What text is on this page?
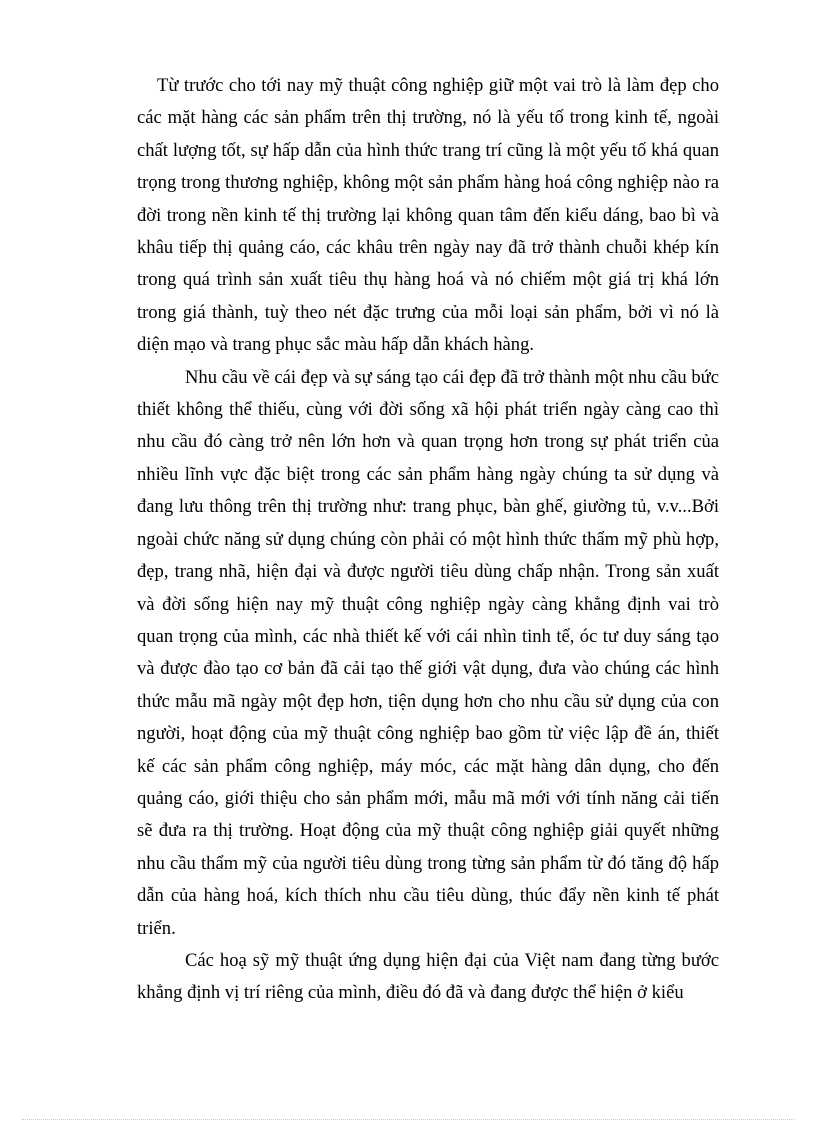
Từ trước cho tới nay mỹ thuật công nghiệp giữ một vai trò là làm đẹp cho các mặt hàng các sản phẩm trên thị trường, nó là yếu tố trong kinh tế, ngoài chất lượng tốt, sự hấp dẫn của hình thức trang trí cũng là một yếu tố khá quan trọng trong thương nghiệp, không một sản phẩm hàng hoá công nghiệp nào ra đời trong nền kinh tế thị trường lại không quan tâm đến kiểu dáng, bao bì và khâu tiếp thị quảng cáo, các khâu trên ngày nay đã trở thành chuỗi khép kín trong quá trình sản xuất tiêu thụ hàng hoá và nó chiếm một giá trị khá lớn trong giá thành, tuỳ theo nét đặc trưng của mỗi loại sản phẩm, bởi vì nó là diện mạo và trang phục sắc màu hấp dẫn khách hàng.

Nhu cầu về cái đẹp và sự sáng tạo cái đẹp đã trở thành một nhu cầu bức thiết không thể thiếu, cùng với đời sống xã hội phát triển ngày càng cao thì nhu cầu đó càng trở nên lớn hơn và quan trọng hơn trong sự phát triển của nhiều lĩnh vực đặc biệt trong các sản phẩm hàng ngày chúng ta sử dụng và đang lưu thông trên thị trường như: trang phục, bàn ghế, giường tủ, v.v...Bởi ngoài chức năng sử dụng chúng còn phải có một hình thức thẩm mỹ phù hợp, đẹp, trang nhã, hiện đại và được người tiêu dùng chấp nhận. Trong sản xuất và đời sống hiện nay mỹ thuật công nghiệp ngày càng khẳng định vai trò quan trọng của mình, các nhà thiết kế với cái nhìn tinh tế, óc tư duy sáng tạo và được đào tạo cơ bản đã cải tạo thế giới vật dụng, đưa vào chúng các hình thức mẫu mã ngày một đẹp hơn, tiện dụng hơn cho nhu cầu sử dụng của con người, hoạt động của mỹ thuật công nghiệp bao gồm từ việc lập đề án, thiết kế các sản phẩm công nghiệp, máy móc, các mặt hàng dân dụng, cho đến quảng cáo, giới thiệu cho sản phẩm mới, mẫu mã mới với tính năng cải tiến sẽ đưa ra thị trường. Hoạt động của mỹ thuật công nghiệp giải quyết những nhu cầu thẩm mỹ của người tiêu dùng trong từng sản phẩm từ đó tăng độ hấp dẫn của hàng hoá, kích thích nhu cầu tiêu dùng, thúc đẩy nền kinh tế phát triển.

Các hoạ sỹ mỹ thuật ứng dụng hiện đại của Việt nam đang từng bước khẳng định vị trí riêng của mình, điều đó đã và đang được thể hiện ở kiểu
